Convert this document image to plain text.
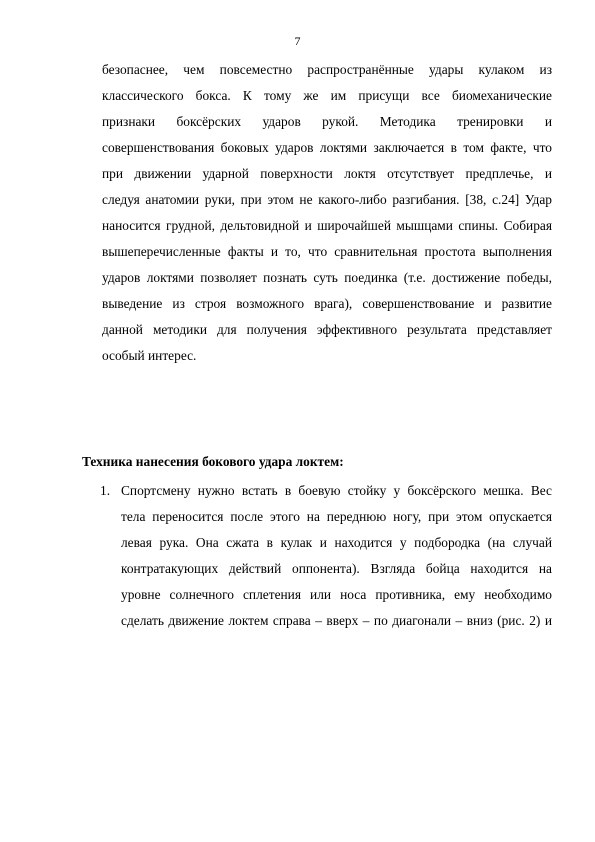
7
безопаснее, чем повсеместно распространённые удары кулаком из
классического бокса. К тому же им присущи все биомеханические
признаки боксёрских ударов рукой. Методика тренировки и
совершенствования боковых ударов локтями заключается в том факте, что
при движении ударной поверхности локтя отсутствует предплечье, и
следуя анатомии руки, при этом не какого-либо разгибания. [38, с.24] Удар
наносится грудной, дельтовидной и широчайшей мышцами спины. Собирая
вышеперечисленные факты и то, что сравнительная простота выполнения
ударов локтями позволяет познать суть поединка (т.е. достижение победы,
выведение из строя возможного врага), совершенствование и развитие
данной методики для получения эффективного результата представляет
особый интерес.
Техника нанесения бокового удара локтем:
1. Спортсмену нужно встать в боевую стойку у боксёрского мешка. Вес
тела переносится после этого на переднюю ногу, при этом опускается
левая рука. Она сжата в кулак и находится у подбородка (на случай
контратакующих действий оппонента). Взгляда бойца находится на
уровне солнечного сплетения или носа противника, ему необходимо
сделать движение локтем справа – вверх – по диагонали – вниз (рис. 2) и
